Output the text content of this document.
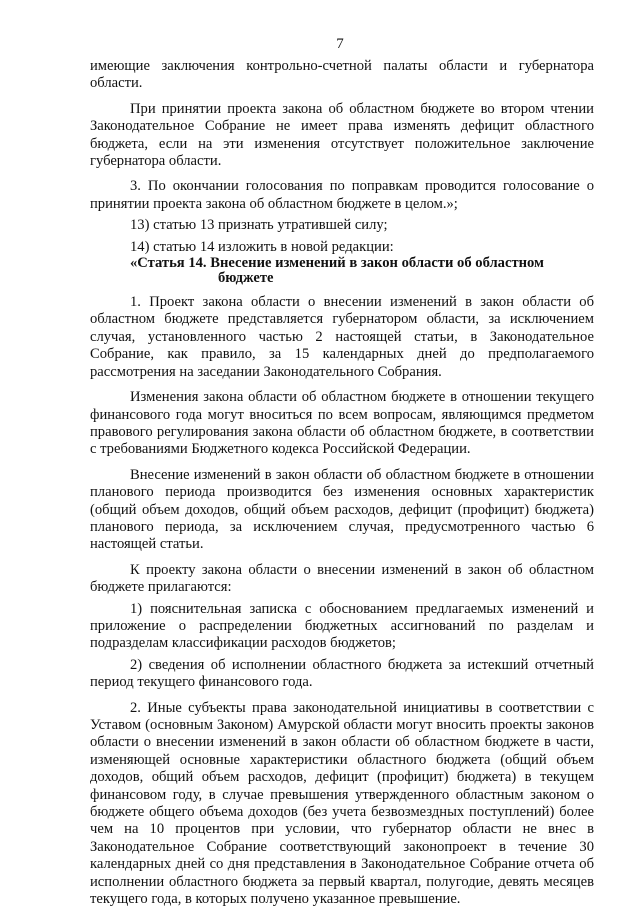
7

имеющие заключения контрольно-счетной палаты области и губернатора области.

При принятии проекта закона об областном бюджете во втором чтении Законодательное Собрание не имеет права изменять дефицит областного бюджета, если на эти изменения отсутствует положительное заключение губернатора области.

3. По окончании голосования по поправкам проводится голосование о принятии проекта закона об областном бюджете в целом.»;

13) статью 13 признать утратившей силу;

14) статью 14 изложить в новой редакции:

«Статья 14. Внесение изменений в закон области об областном
бюджете

1. Проект закона области о внесении изменений в закон области об областном бюджете представляется губернатором области, за исключением случая, установленного частью 2 настоящей статьи, в Законодательное Собрание, как правило, за 15 календарных дней до предполагаемого рассмотрения на заседании Законодательного Собрания.

Изменения закона области об областном бюджете в отношении текущего финансового года могут вноситься по всем вопросам, являющимся предметом правового регулирования закона области об областном бюджете, в соответствии с требованиями Бюджетного кодекса Российской Федерации.

Внесение изменений в закон области об областном бюджете в отношении планового периода производится без изменения основных характеристик (общий объем доходов, общий объем расходов, дефицит (профицит) бюджета) планового периода, за исключением случая, предусмотренного частью 6 настоящей статьи.

К проекту закона области о внесении изменений в закон об областном бюджете прилагаются:

1) пояснительная записка с обоснованием предлагаемых изменений и приложение о распределении бюджетных ассигнований по разделам и подразделам классификации расходов бюджетов;

2) сведения об исполнении областного бюджета за истекший отчетный период текущего финансового года.

2. Иные субъекты права законодательной инициативы в соответствии с Уставом (основным Законом) Амурской области могут вносить проекты законов области о внесении изменений в закон области об областном бюджете в части, изменяющей основные характеристики областного бюджета (общий объем доходов, общий объем расходов, дефицит (профицит) бюджета) в текущем финансовом году, в случае превышения утвержденного областным законом о бюджете общего объема доходов (без учета безвозмездных поступлений) более чем на 10 процентов при условии, что губернатор области не внес в Законодательное Собрание соответствующий законопроект в течение 30 календарных дней со дня представления в Законодательное Собрание отчета об исполнении областного бюджета за первый квартал, полугодие, девять месяцев текущего года, в которых получено указанное превышение.
